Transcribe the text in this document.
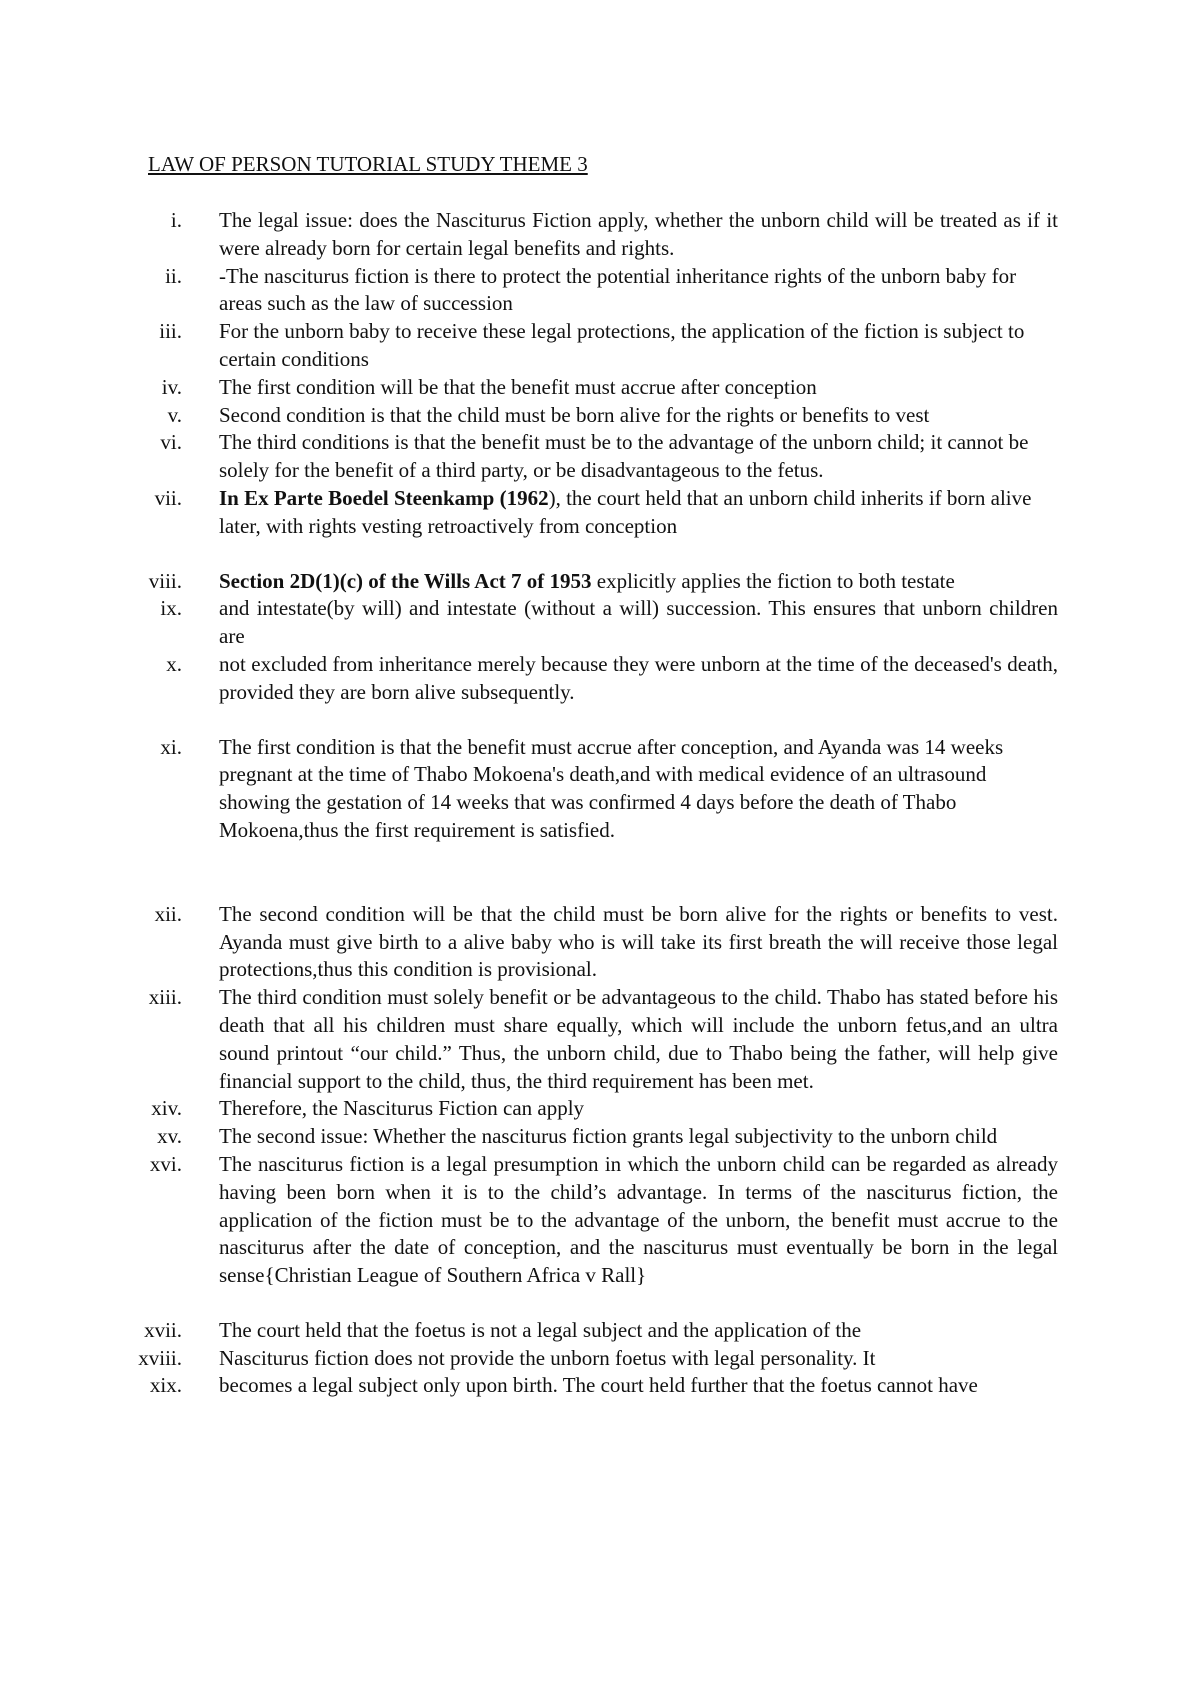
LAW OF PERSON TUTORIAL STUDY THEME 3
i. The legal issue: does the Nasciturus Fiction apply, whether the unborn child will be treated as if it were already born for certain legal benefits and rights.
ii. -The nasciturus fiction is there to protect the potential inheritance rights of the unborn baby for areas such as the law of succession
iii. For the unborn baby to receive these legal protections, the application of the fiction is subject to certain conditions
iv. The first condition will be that the benefit must accrue after conception
v. Second condition is that the child must be born alive for the rights or benefits to vest
vi. The third conditions is that the benefit must be to the advantage of the unborn child; it cannot be solely for the benefit of a third party, or be disadvantageous to the fetus.
vii. In Ex Parte Boedel Steenkamp (1962), the court held that an unborn child inherits if born alive later, with rights vesting retroactively from conception
viii. Section 2D(1)(c) of the Wills Act 7 of 1953 explicitly applies the fiction to both testate
ix. and intestate(by will) and intestate (without a will) succession. This ensures that unborn children are
x. not excluded from inheritance merely because they were unborn at the time of the deceased's death, provided they are born alive subsequently.
xi. The first condition is that the benefit must accrue after conception, and Ayanda was 14 weeks pregnant at the time of Thabo Mokoena's death,and with medical evidence of an ultrasound showing the gestation of 14 weeks that was confirmed 4 days before the death of Thabo Mokoena,thus the first requirement is satisfied.
xii. The second condition will be that the child must be born alive for the rights or benefits to vest. Ayanda must give birth to a alive baby who is will take its first breath the will receive those legal protections,thus this condition is provisional.
xiii. The third condition must solely benefit or be advantageous to the child. Thabo has stated before his death that all his children must share equally, which will include the unborn fetus,and an ultra sound printout “our child.” Thus, the unborn child, due to Thabo being the father, will help give financial support to the child, thus, the third requirement has been met.
xiv. Therefore, the Nasciturus Fiction can apply
xv. The second issue: Whether the nasciturus fiction grants legal subjectivity to the unborn child
xvi. The nasciturus fiction is a legal presumption in which the unborn child can be regarded as already having been born when it is to the child’s advantage. In terms of the nasciturus fiction, the application of the fiction must be to the advantage of the unborn, the benefit must accrue to the nasciturus after the date of conception, and the nasciturus must eventually be born in the legal sense{Christian League of Southern Africa v Rall}
xvii. The court held that the foetus is not a legal subject and the application of the
xviii. Nasciturus fiction does not provide the unborn foetus with legal personality. It
xix. becomes a legal subject only upon birth. The court held further that the foetus cannot have
